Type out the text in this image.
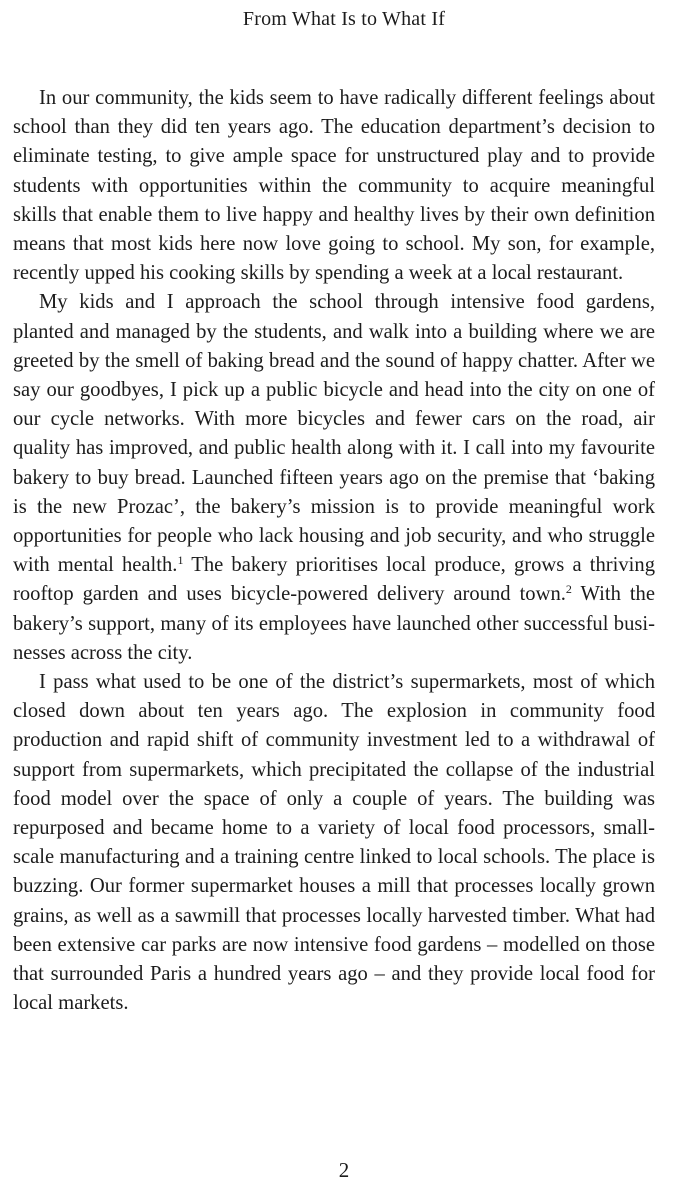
From What Is to What If

In our community, the kids seem to have radically different feelings about school than they did ten years ago. The education department’s decision to eliminate testing, to give ample space for unstructured play and to provide students with opportunities within the community to acquire meaningful skills that enable them to live happy and healthy lives by their own definition means that most kids here now love going to school. My son, for example, recently upped his cooking skills by spending a week at a local restaurant.

My kids and I approach the school through intensive food gardens, planted and managed by the students, and walk into a building where we are greeted by the smell of baking bread and the sound of happy chatter. After we say our goodbyes, I pick up a public bicycle and head into the city on one of our cycle networks. With more bicycles and fewer cars on the road, air quality has improved, and public health along with it. I call into my favourite bakery to buy bread. Launched fifteen years ago on the premise that ‘baking is the new Prozac’, the bakery’s mission is to provide meaningful work opportunities for people who lack housing and job security, and who struggle with mental health.$^1$ The bakery prioritises local produce, grows a thriving rooftop garden and uses bicycle-powered delivery around town.$^2$ With the bakery’s support, many of its employees have launched other successful businesses across the city.

I pass what used to be one of the district’s supermarkets, most of which closed down about ten years ago. The explosion in community food production and rapid shift of community investment led to a withdrawal of support from supermarkets, which precipitated the collapse of the industrial food model over the space of only a couple of years. The building was repurposed and became home to a variety of local food processors, small-scale manufacturing and a training centre linked to local schools. The place is buzzing. Our former supermarket houses a mill that processes locally grown grains, as well as a sawmill that processes locally harvested timber. What had been extensive car parks are now intensive food gardens – modelled on those that surrounded Paris a hundred years ago – and they provide local food for local markets.

2
